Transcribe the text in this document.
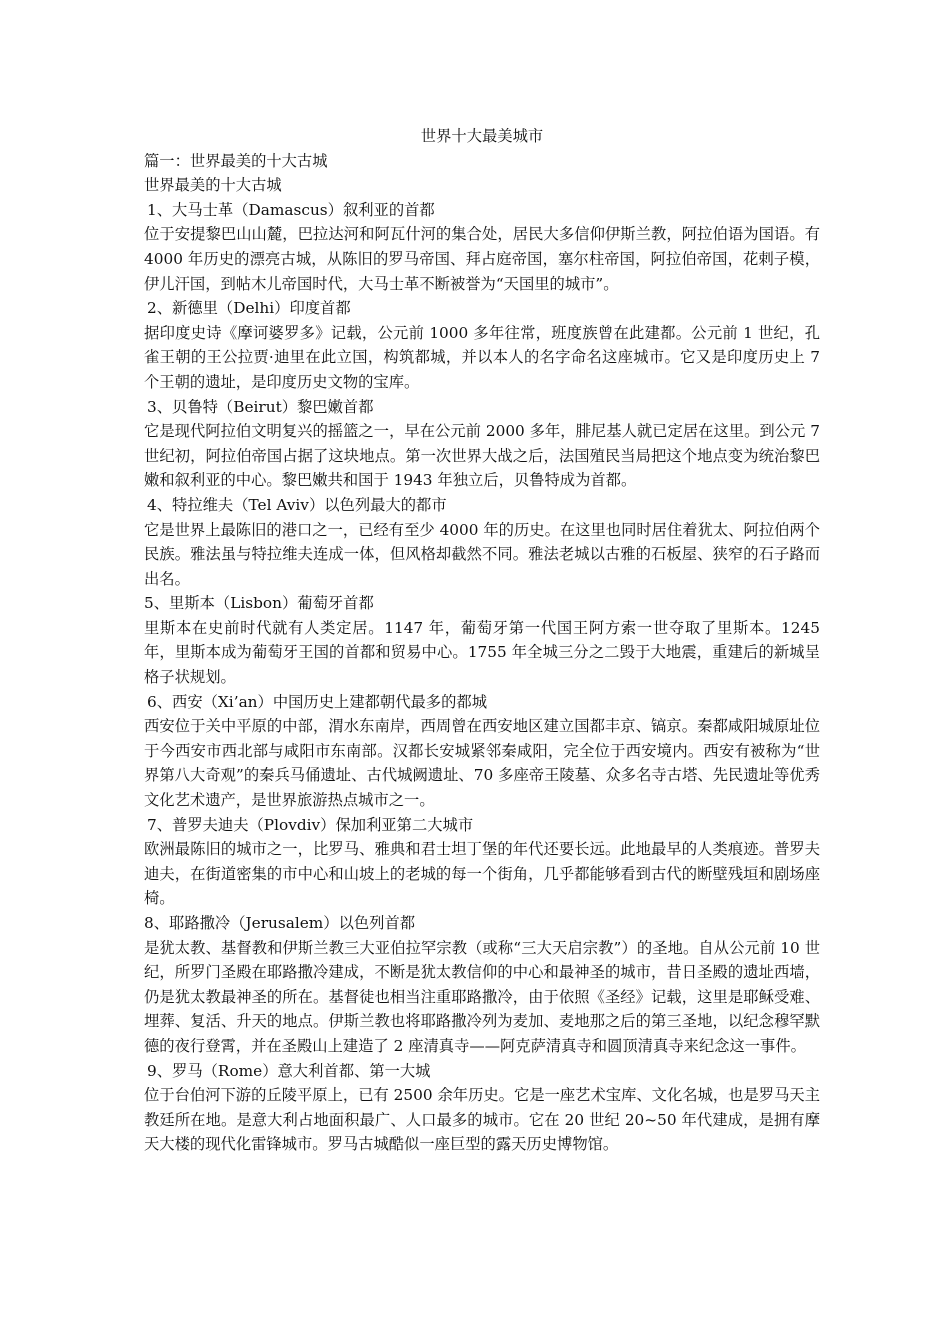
世界十大最美城市

篇一：世界最美的十大古城

世界最美的十大古城

1、大马士革（Damascus）叙利亚的首都

位于安提黎巴山山麓，巴拉达河和阿瓦什河的集合处，居民大多信仰伊斯兰教，阿拉伯语为国语。有 4000 年历史的漂亮古城，从陈旧的罗马帝国、拜占庭帝国，塞尔柱帝国，阿拉伯帝国，花剌子模，伊儿汗国，到帖木儿帝国时代，大马士革不断被誉为“天国里的城市”。

2、新德里（Delhi）印度首都

据印度史诗《摩诃婆罗多》记载，公元前 1000 多年往常，班度族曾在此建都。公元前 1 世纪，孔雀王朝的王公拉贾·迪里在此立国，构筑都城，并以本人的名字命名这座城市。它又是印度历史上 7 个王朝的遗址，是印度历史文物的宝库。

3、贝鲁特（Beirut）黎巴嫩首都

它是现代阿拉伯文明复兴的摇篮之一，早在公元前 2000 多年，腓尼基人就已定居在这里。到公元 7 世纪初，阿拉伯帝国占据了这块地点。第一次世界大战之后，法国殖民当局把这个地点变为统治黎巴嫩和叙利亚的中心。黎巴嫩共和国于 1943 年独立后，贝鲁特成为首都。

4、特拉维夫（Tel Aviv）以色列最大的都市

它是世界上最陈旧的港口之一，已经有至少 4000 年的历史。在这里也同时居住着犹太、阿拉伯两个民族。雅法虽与特拉维夫连成一体，但风格却截然不同。雅法老城以古雅的石板屋、狭窄的石子路而出名。

5、里斯本（Lisbon）葡萄牙首都

里斯本在史前时代就有人类定居。1147 年，葡萄牙第一代国王阿方索一世夺取了里斯本。1245 年，里斯本成为葡萄牙王国的首都和贸易中心。1755 年全城三分之二毁于大地震，重建后的新城呈格子状规划。

6、西安（Xi’an）中国历史上建都朝代最多的都城

西安位于关中平原的中部，渭水东南岸，西周曾在西安地区建立国都丰京、镐京。秦都咸阳城原址位于今西安市西北部与咸阳市东南部。汉都长安城紧邻秦咸阳，完全位于西安境内。西安有被称为“世界第八大奇观”的秦兵马俑遗址、古代城阙遗址、70 多座帝王陵墓、众多名寺古塔、先民遗址等优秀文化艺术遗产，是世界旅游热点城市之一。

7、普罗夫迪夫（Plovdiv）保加利亚第二大城市

欧洲最陈旧的城市之一，比罗马、雅典和君士坦丁堡的年代还要长远。此地最早的人类痕迹。普罗夫迪夫，在街道密集的市中心和山坡上的老城的每一个街角，几乎都能够看到古代的断壁残垣和剧场座椅。

8、耶路撒冷（Jerusalem）以色列首都

是犹太教、基督教和伊斯兰教三大亚伯拉罕宗教（或称“三大天启宗教”）的圣地。自从公元前 10 世纪，所罗门圣殿在耶路撒冷建成，不断是犹太教信仰的中心和最神圣的城市，昔日圣殿的遗址西墙，仍是犹太教最神圣的所在。基督徒也相当注重耶路撒冷，由于依照《圣经》记载，这里是耶稣受难、埋葬、复活、升天的地点。伊斯兰教也将耶路撒冷列为麦加、麦地那之后的第三圣地，以纪念穆罕默德的夜行登霄，并在圣殿山上建造了 2 座清真寺——阿克萨清真寺和圆顶清真寺来纪念这一事件。

9、罗马（Rome）意大利首都、第一大城

位于台伯河下游的丘陵平原上，已有 2500 余年历史。它是一座艺术宝库、文化名城，也是罗马天主教廷所在地。是意大利占地面积最广、人口最多的城市。它在 20 世纪 20~50 年代建成，是拥有摩天大楼的现代化雷锋城市。罗马古城酷似一座巨型的露天历史博物馆。
